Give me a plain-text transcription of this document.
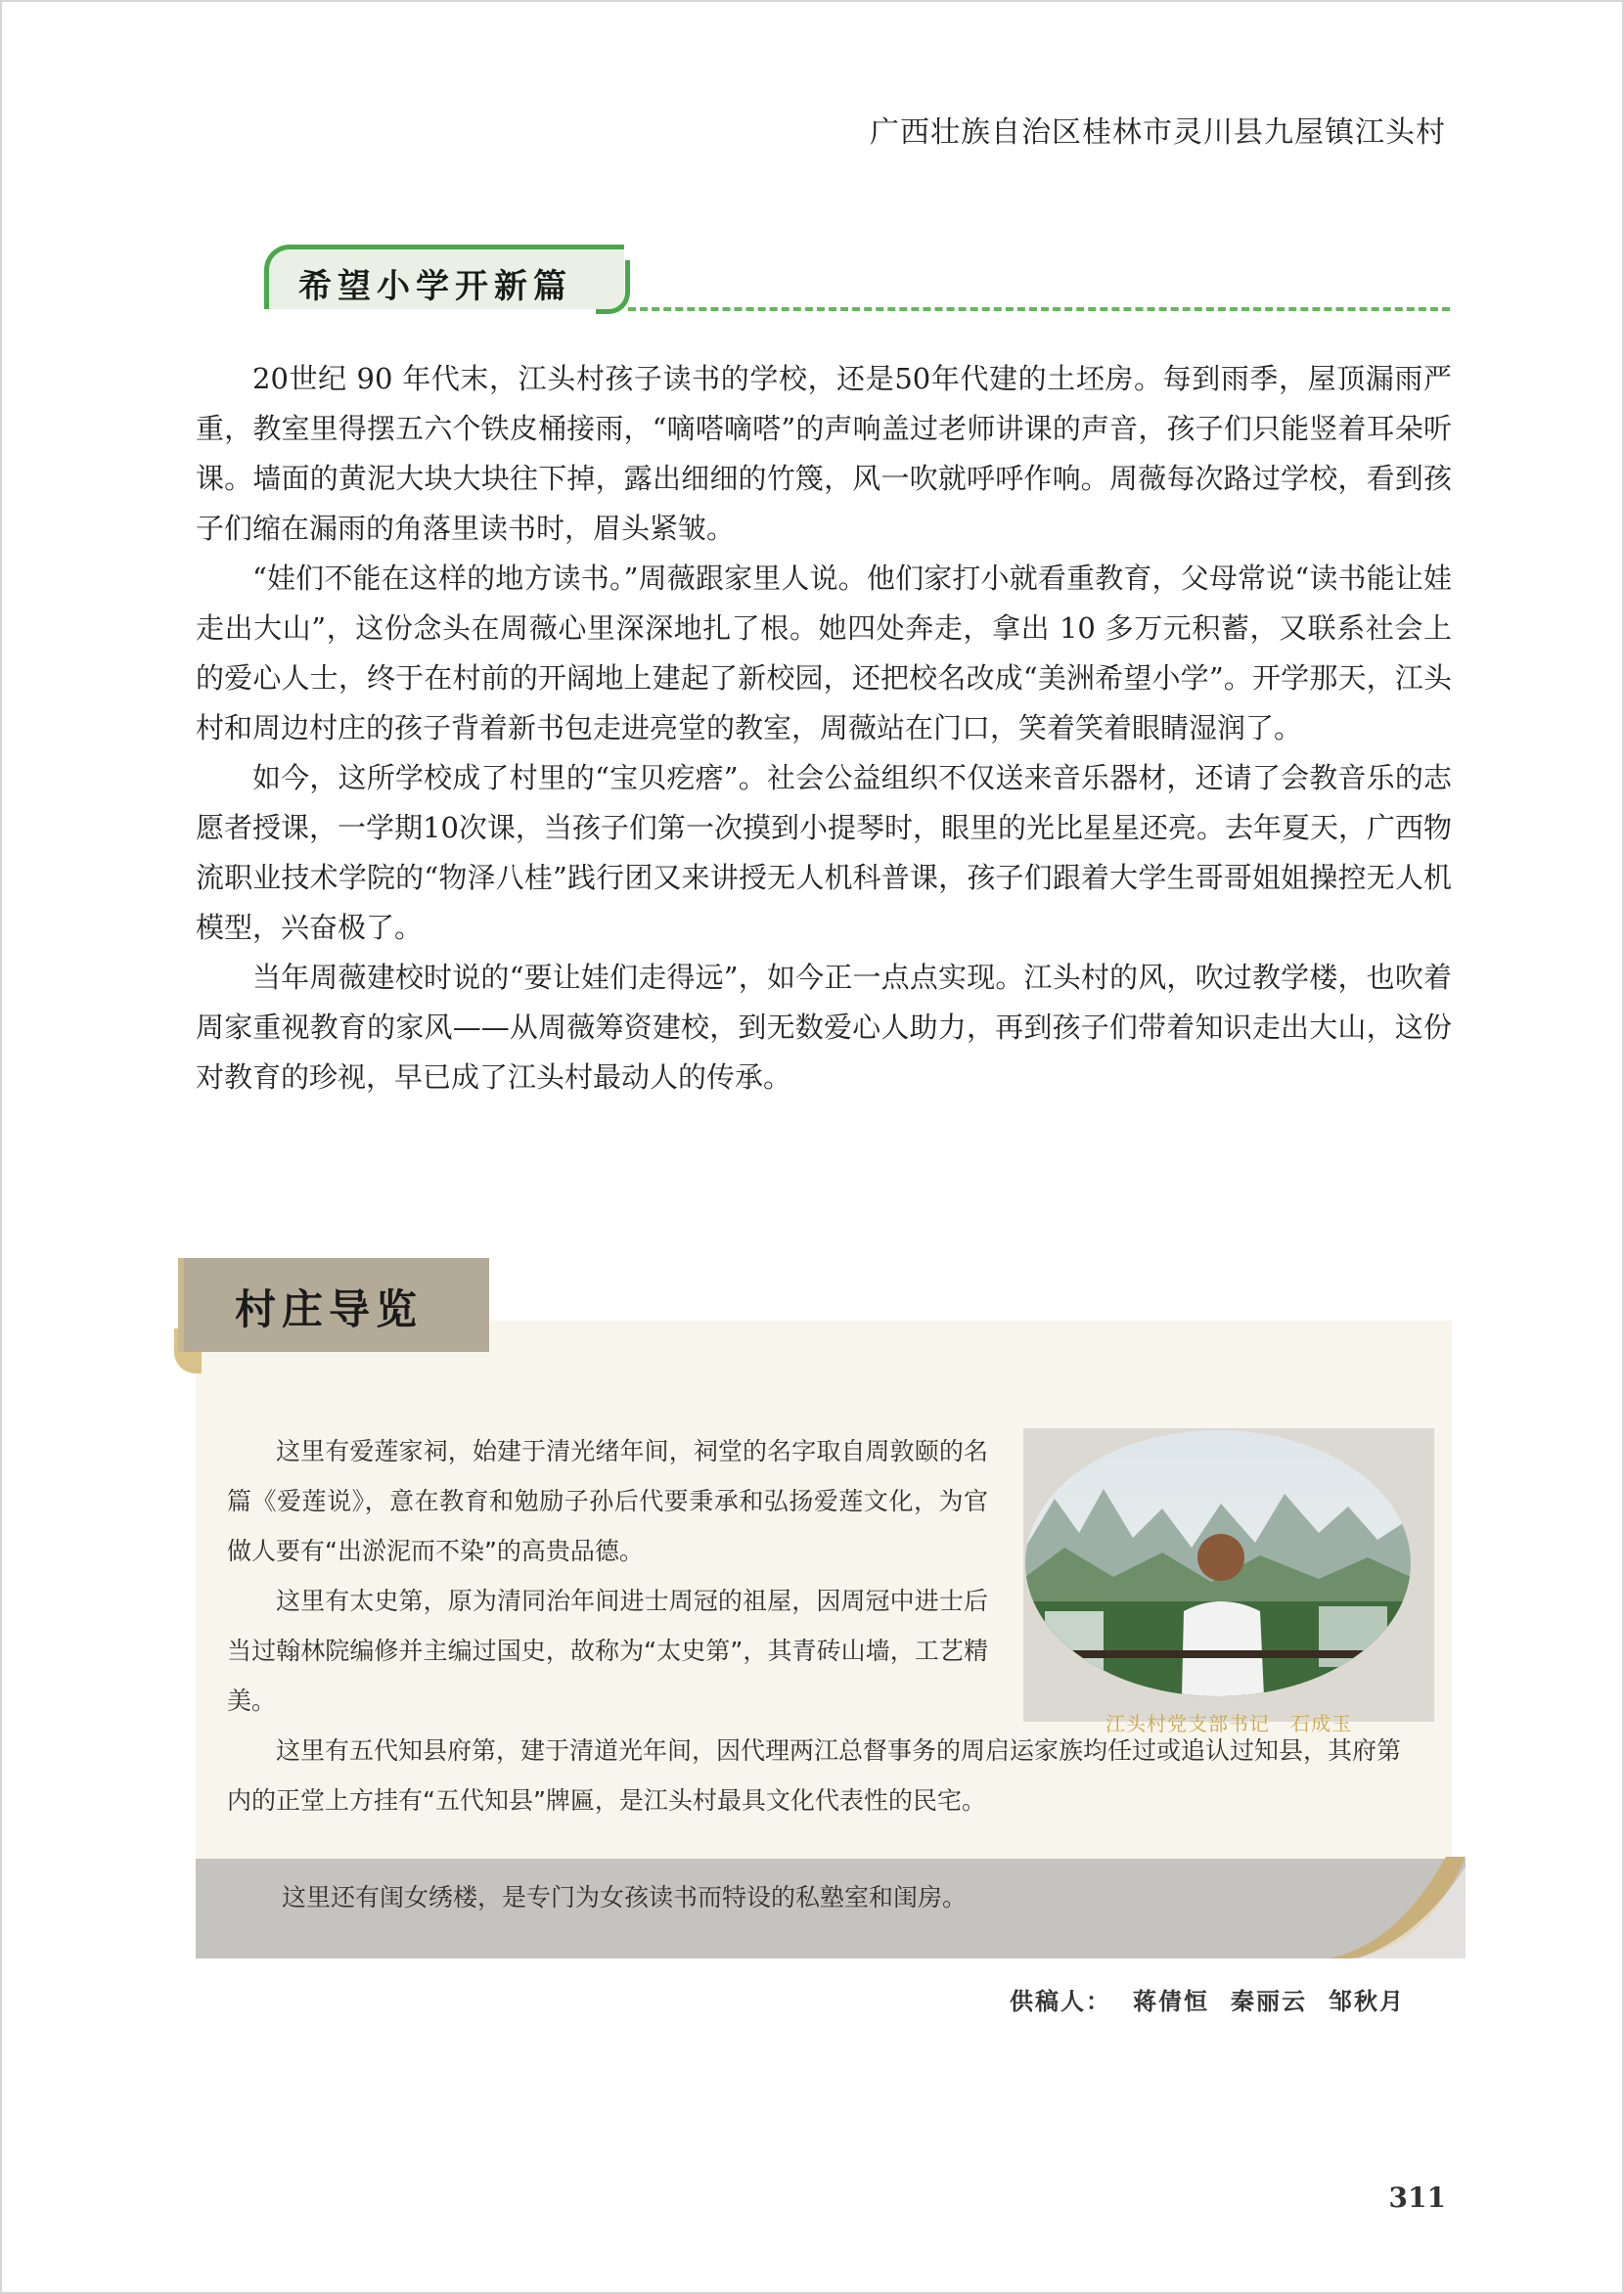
广西壮族自治区桂林市灵川县九屋镇江头村
希望小学开新篇

20世纪 90 年代末，江头村孩子读书的学校，还是50年代建的土坯房。每到雨季，屋顶漏雨严重，教室里得摆五六个铁皮桶接雨，“嘀嗒嘀嗒”的声响盖过老师讲课的声音，孩子们只能竖着耳朵听课。墙面的黄泥大块大块往下掉，露出细细的竹篾，风一吹就呼呼作响。周薇每次路过学校，看到孩子们缩在漏雨的角落里读书时，眉头紧皱。

“娃们不能在这样的地方读书。”周薇跟家里人说。他们家打小就看重教育，父母常说“读书能让娃走出大山”，这份念头在周薇心里深深地扎了根。她四处奔走，拿出 10 多万元积蓄，又联系社会上的爱心人士，终于在村前的开阔地上建起了新校园，还把校名改成“美洲希望小学”。开学那天，江头村和周边村庄的孩子背着新书包走进亮堂的教室，周薇站在门口，笑着笑着眼睛湿润了。

如今，这所学校成了村里的“宝贝疙瘩”。社会公益组织不仅送来音乐器材，还请了会教音乐的志愿者授课，一学期10次课，当孩子们第一次摸到小提琴时，眼里的光比星星还亮。去年夏天，广西物流职业技术学院的“物泽八桂”践行团又来讲授无人机科普课，孩子们跟着大学生哥哥姐姐操控无人机模型，兴奋极了。

当年周薇建校时说的“要让娃们走得远”，如今正一点点实现。江头村的风，吹过教学楼，也吹着周家重视教育的家风——从周薇筹资建校，到无数爱心人助力，再到孩子们带着知识走出大山，这份对教育的珍视，早已成了江头村最动人的传承。

村庄导览
江头村党支部书记　石成玉

这里有爱莲家祠，始建于清光绪年间，祠堂的名字取自周敦颐的名篇《爱莲说》，意在教育和勉励子孙后代要秉承和弘扬爱莲文化，为官做人要有“出淤泥而不染”的高贵品德。

这里有太史第，原为清同治年间进士周冠的祖屋，因周冠中进士后当过翰林院编修并主编过国史，故称为“太史第”，其青砖山墙，工艺精美。

这里有五代知县府第，建于清道光年间，因代理两江总督事务的周启运家族均任过或追认过知县，其府第内的正堂上方挂有“五代知县”牌匾，是江头村最具文化代表性的民宅。

这里还有闺女绣楼，是专门为女孩读书而特设的私塾室和闺房。
供稿人： 蒋倩恒 秦丽云 邹秋月
311
